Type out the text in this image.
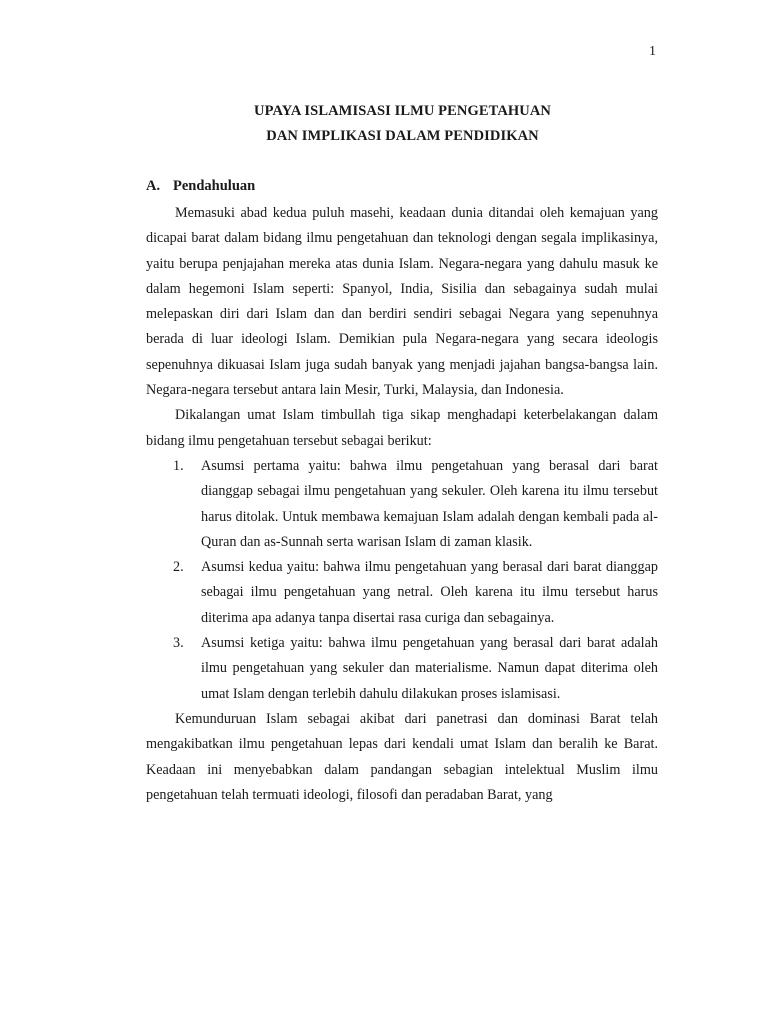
1
UPAYA ISLAMISASI ILMU PENGETAHUAN
DAN IMPLIKASI DALAM PENDIDIKAN
A. Pendahuluan

Memasuki abad kedua puluh masehi, keadaan dunia ditandai oleh kemajuan yang dicapai barat dalam bidang ilmu pengetahuan dan teknologi dengan segala implikasinya, yaitu berupa penjajahan mereka atas dunia Islam. Negara-negara yang dahulu masuk ke dalam hegemoni Islam seperti: Spanyol, India, Sisilia dan sebagainya sudah mulai melepaskan diri dari Islam dan dan berdiri sendiri sebagai Negara yang sepenuhnya berada di luar ideologi Islam. Demikian pula Negara-negara yang secara ideologis sepenuhnya dikuasai Islam juga sudah banyak yang menjadi jajahan bangsa-bangsa lain. Negara-negara tersebut antara lain Mesir, Turki, Malaysia, dan Indonesia.

Dikalangan umat Islam timbullah tiga sikap menghadapi keterbelakangan dalam bidang ilmu pengetahuan tersebut sebagai berikut:

1. Asumsi pertama yaitu: bahwa ilmu pengetahuan yang berasal dari barat dianggap sebagai ilmu pengetahuan yang sekuler. Oleh karena itu ilmu tersebut harus ditolak. Untuk membawa kemajuan Islam adalah dengan kembali pada al-Quran dan as-Sunnah serta warisan Islam di zaman klasik.
2. Asumsi kedua yaitu: bahwa ilmu pengetahuan yang berasal dari barat dianggap sebagai ilmu pengetahuan yang netral. Oleh karena itu ilmu tersebut harus diterima apa adanya tanpa disertai rasa curiga dan sebagainya.
3. Asumsi ketiga yaitu: bahwa ilmu pengetahuan yang berasal dari barat adalah ilmu pengetahuan yang sekuler dan materialisme. Namun dapat diterima oleh umat Islam dengan terlebih dahulu dilakukan proses islamisasi.

Kemunduruan Islam sebagai akibat dari panetrasi dan dominasi Barat telah mengakibatkan ilmu pengetahuan lepas dari kendali umat Islam dan beralih ke Barat. Keadaan ini menyebabkan dalam pandangan sebagian intelektual Muslim ilmu pengetahuan telah termuati ideologi, filosofi dan peradaban Barat, yang
